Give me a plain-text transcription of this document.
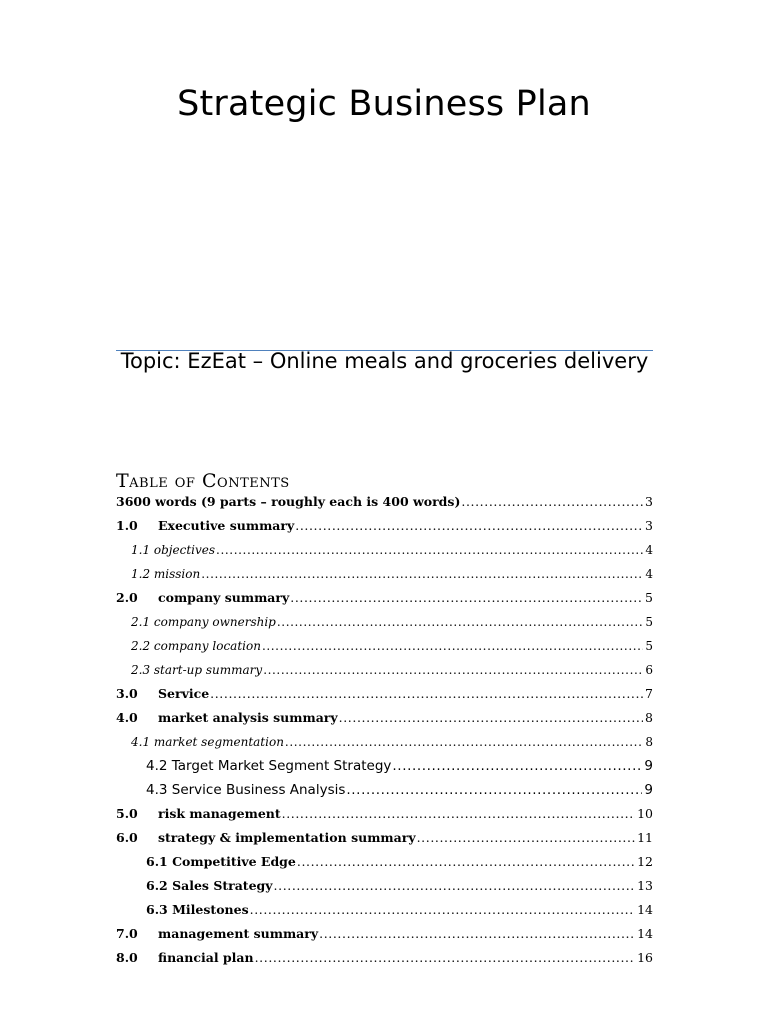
Strategic Business Plan
Topic: EzEat – Online meals and groceries delivery
Table of Contents
3600 words (9 parts – roughly each is 400 words) .....	3
1.0	Executive summary .....	3
1.1 objectives .....	4
1.2 mission .....	4
2.0	company summary .....	5
2.1 company ownership .....	5
2.2 company location .....	5
2.3 start-up summary .....	6
3.0	Service .....	7
4.0	market analysis summary .....	8
4.1 market segmentation .....	8
4.2 Target Market Segment Strategy .....	9
4.3 Service Business Analysis .....	9
5.0	risk management .....	10
6.0	strategy & implementation summary .....	11
6.1 Competitive Edge .....	12
6.2 Sales Strategy .....	13
6.3 Milestones .....	14
7.0	management summary .....	14
8.0	financial plan .....	16
